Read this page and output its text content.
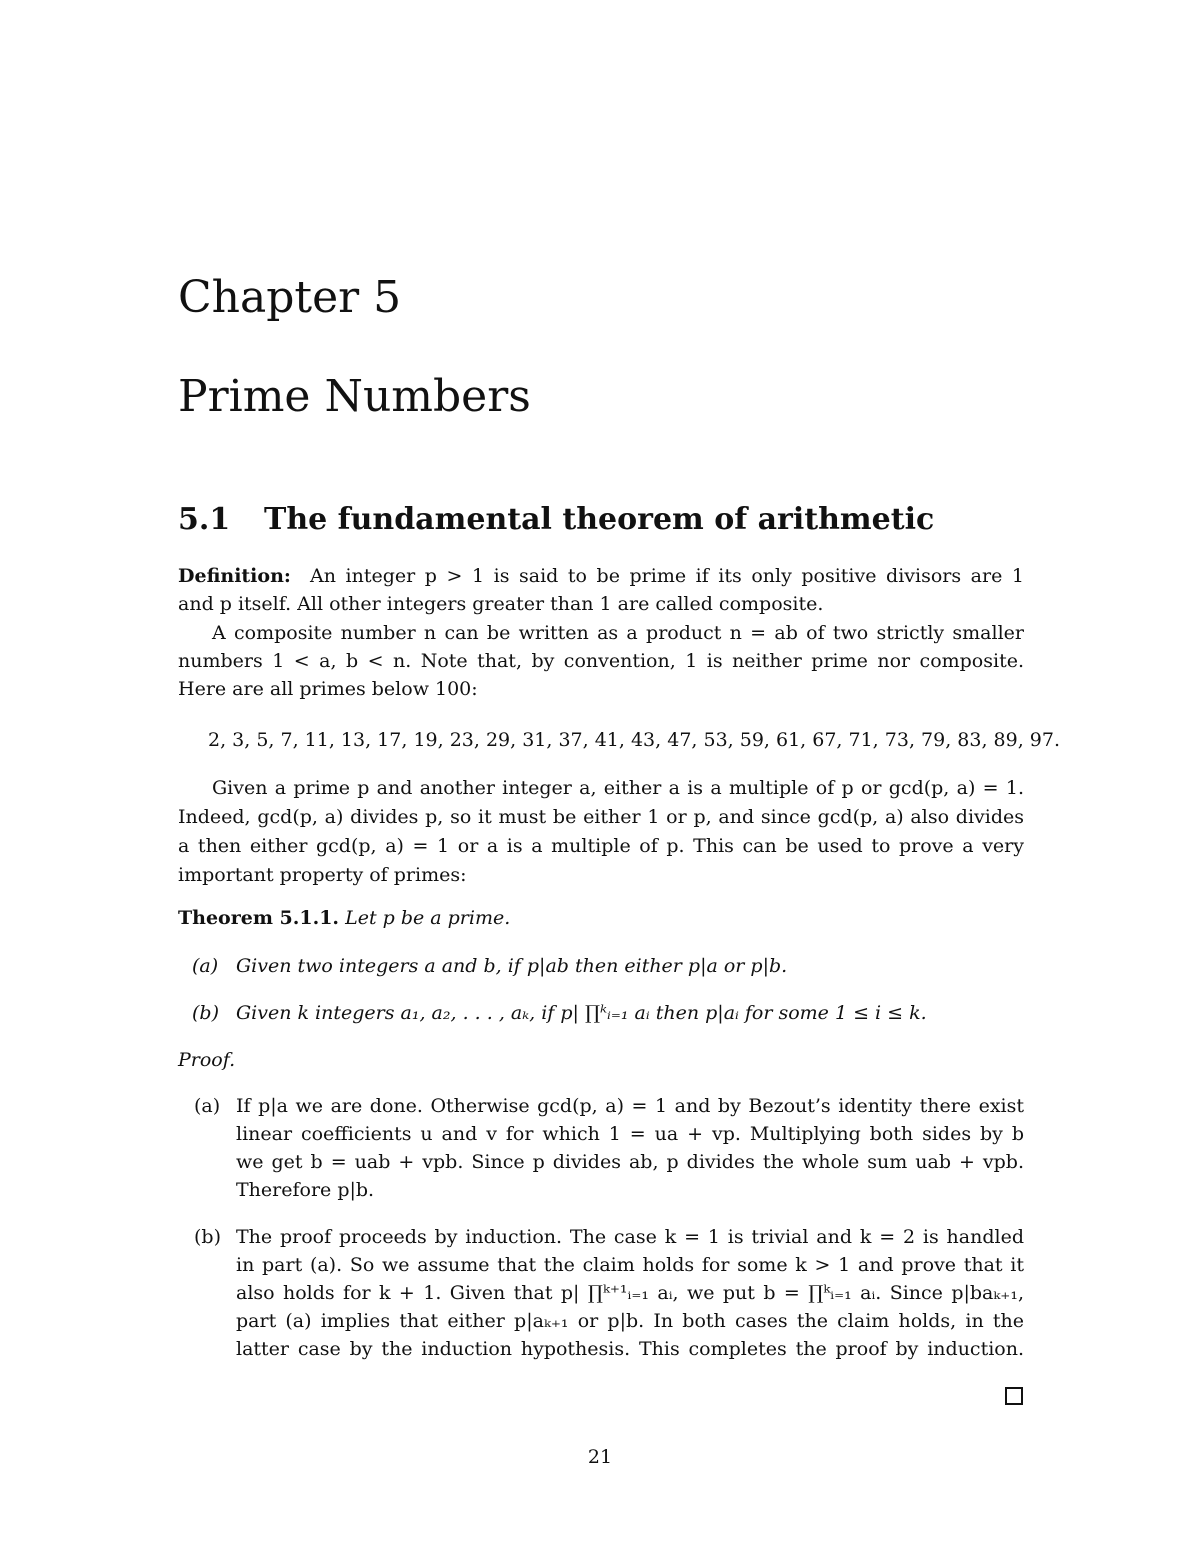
Chapter 5
Prime Numbers
5.1 The fundamental theorem of arithmetic
Definition: An integer p > 1 is said to be prime if its only positive divisors are 1
and p itself. All other integers greater than 1 are called composite.
A composite number n can be written as a product n = ab of two strictly smaller
numbers 1 < a, b < n. Note that, by convention, 1 is neither prime nor composite.
Here are all primes below 100:
2, 3, 5, 7, 11, 13, 17, 19, 23, 29, 31, 37, 41, 43, 47, 53, 59, 61, 67, 71, 73, 79, 83, 89, 97.
Given a prime p and another integer a, either a is a multiple of p or gcd(p, a) = 1.
Indeed, gcd(p, a) divides p, so it must be either 1 or p, and since gcd(p, a) also divides
a then either gcd(p, a) = 1 or a is a multiple of p. This can be used to prove a very
important property of primes:
Theorem 5.1.1. Let p be a prime.
(a) Given two integers a and b, if p|ab then either p|a or p|b.
(b) Given k integers a₁, a₂, . . . , aₖ, if p| ∏ᵏᵢ₌₁ aᵢ then p|aᵢ for some 1 ≤ i ≤ k.
Proof.
(a) If p|a we are done. Otherwise gcd(p, a) = 1 and by Bezout’s identity there exist
linear coefficients u and v for which 1 = ua + vp. Multiplying both sides by b
we get b = uab + vpb. Since p divides ab, p divides the whole sum uab + vpb.
Therefore p|b.
(b) The proof proceeds by induction. The case k = 1 is trivial and k = 2 is handled
in part (a). So we assume that the claim holds for some k > 1 and prove that it
also holds for k + 1. Given that p| ∏ᵏ⁺¹ᵢ₌₁ aᵢ, we put b = ∏ᵏᵢ₌₁ aᵢ. Since p|baₖ₊₁,
part (a) implies that either p|aₖ₊₁ or p|b. In both cases the claim holds, in the
latter case by the induction hypothesis. This completes the proof by induction.
21
